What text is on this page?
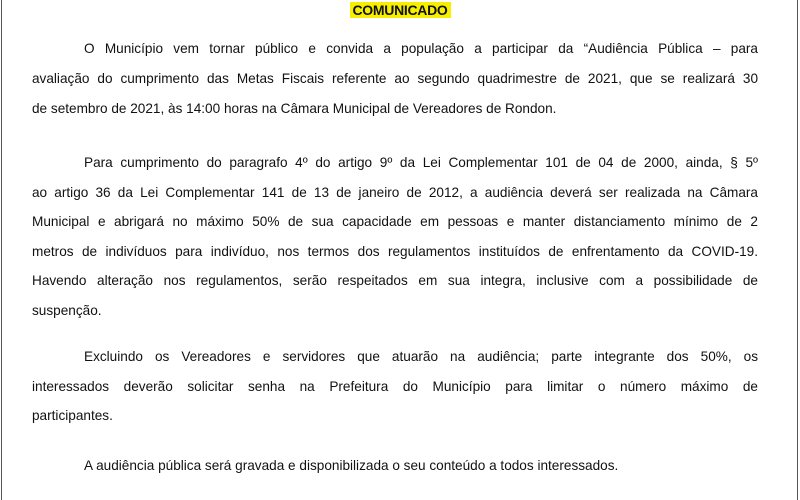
COMUNICADO
O Município vem tornar público e convida a população a participar da “Audiência Pública – para
avaliação do cumprimento das Metas Fiscais referente ao segundo quadrimestre de 2021, que se realizará 30
de setembro de 2021, às 14:00 horas na Câmara Municipal de Vereadores de Rondon.
Para cumprimento do paragrafo 4º do artigo 9º da Lei Complementar 101 de 04 de 2000, ainda, § 5º
ao artigo 36 da Lei Complementar 141 de 13 de janeiro de 2012, a audiência deverá ser realizada na Câmara
Municipal e abrigará no máximo 50% de sua capacidade em pessoas e manter distanciamento mínimo de 2
metros de indivíduos para indivíduo, nos termos dos regulamentos instituídos de enfrentamento da COVID-19.
Havendo alteração nos regulamentos, serão respeitados em sua integra, inclusive com a possibilidade de
suspenção.
Excluindo os Vereadores e servidores que atuarão na audiência; parte integrante dos 50%, os
interessados deverão solicitar senha na Prefeitura do Município para limitar o número máximo de
participantes.
A audiência pública será gravada e disponibilizada o seu conteúdo a todos interessados.
